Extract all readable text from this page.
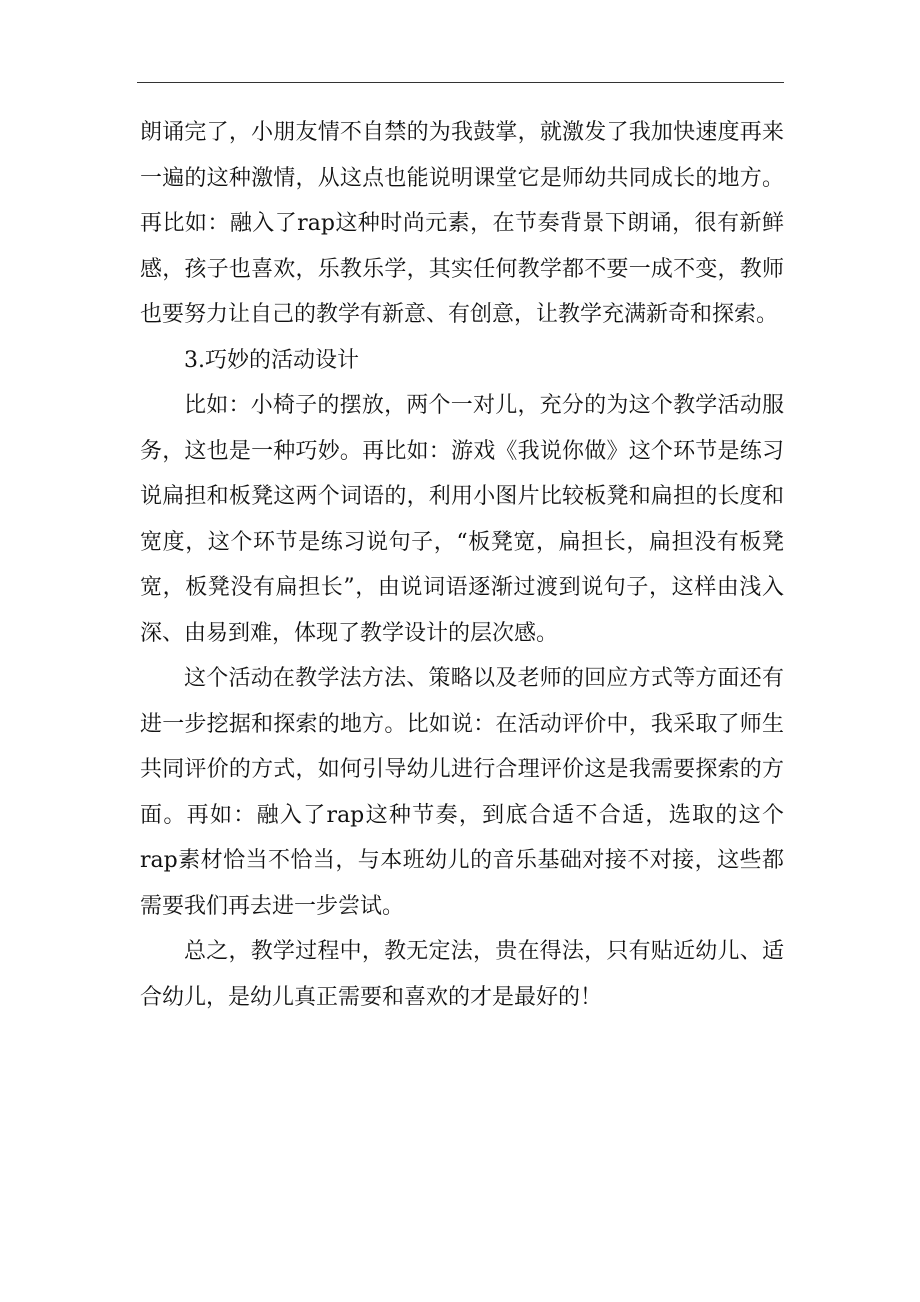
朗诵完了，小朋友情不自禁的为我鼓掌，就激发了我加快速度再来一遍的这种激情，从这点也能说明课堂它是师幼共同成长的地方。再比如：融入了rap这种时尚元素，在节奏背景下朗诵，很有新鲜感，孩子也喜欢，乐教乐学，其实任何教学都不要一成不变，教师也要努力让自己的教学有新意、有创意，让教学充满新奇和探索。

3.巧妙的活动设计

比如：小椅子的摆放，两个一对儿，充分的为这个教学活动服务，这也是一种巧妙。再比如：游戏《我说你做》这个环节是练习说扁担和板凳这两个词语的，利用小图片比较板凳和扁担的长度和宽度，这个环节是练习说句子，“板凳宽，扁担长，扁担没有板凳宽，板凳没有扁担长”，由说词语逐渐过渡到说句子，这样由浅入深、由易到难，体现了教学设计的层次感。

这个活动在教学法方法、策略以及老师的回应方式等方面还有进一步挖据和探索的地方。比如说：在活动评价中，我采取了师生共同评价的方式，如何引导幼儿进行合理评价这是我需要探索的方面。再如：融入了rap这种节奏，到底合适不合适，选取的这个rap素材恰当不恰当，与本班幼儿的音乐基础对接不对接，这些都需要我们再去进一步尝试。

总之，教学过程中，教无定法，贵在得法，只有贴近幼儿、适合幼儿，是幼儿真正需要和喜欢的才是最好的！
